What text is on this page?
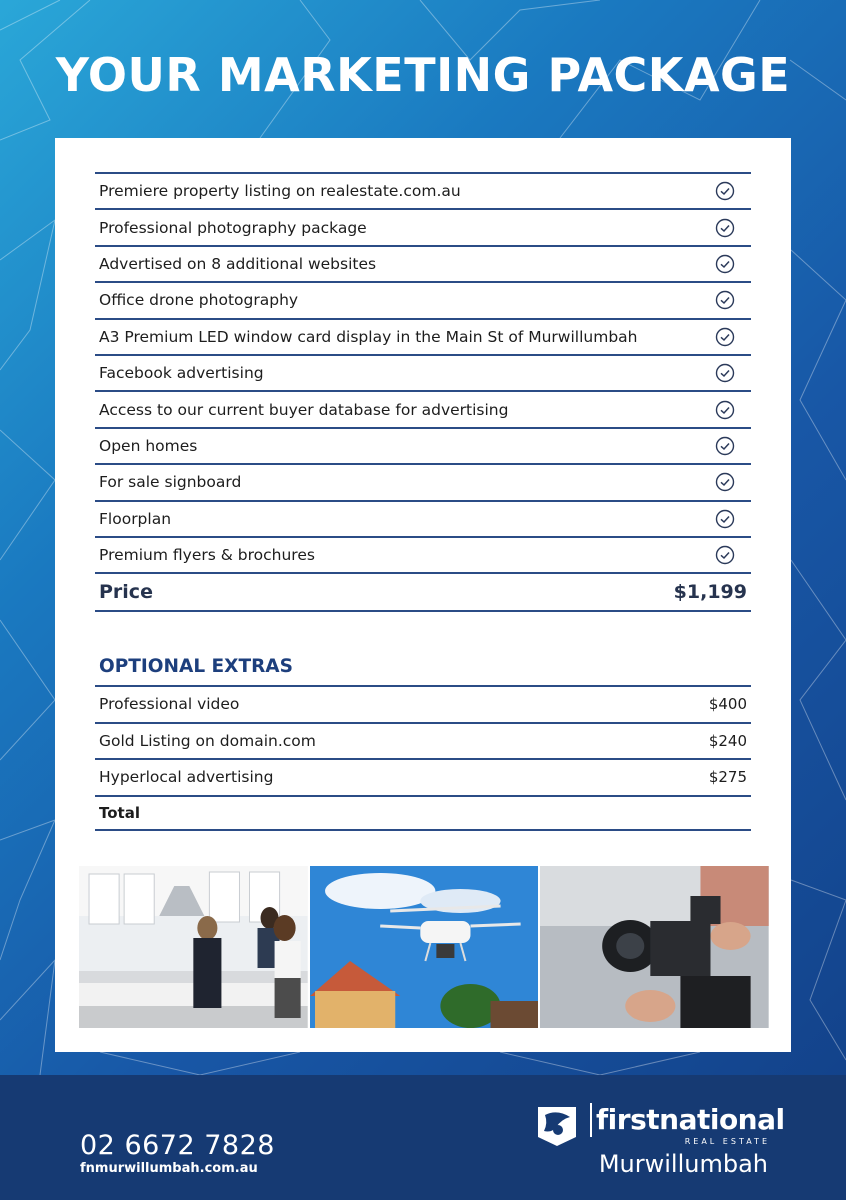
YOUR MARKETING PACKAGE
Premiere property listing on realestate.com.au
Professional photography package
Advertised on 8 additional websites
Office drone photography
A3 Premium LED window card display in the Main St of Murwillumbah
Facebook advertising
Access to our current buyer database for advertising
Open homes
For sale signboard
Floorplan
Premium flyers & brochures
Price	$1,199
OPTIONAL EXTRAS
Professional video	$400
Gold Listing on domain.com	$240
Hyperlocal advertising	$275
Total
02 6672 7828
fnmurwillumbah.com.au
firstnational
REAL ESTATE
Murwillumbah
